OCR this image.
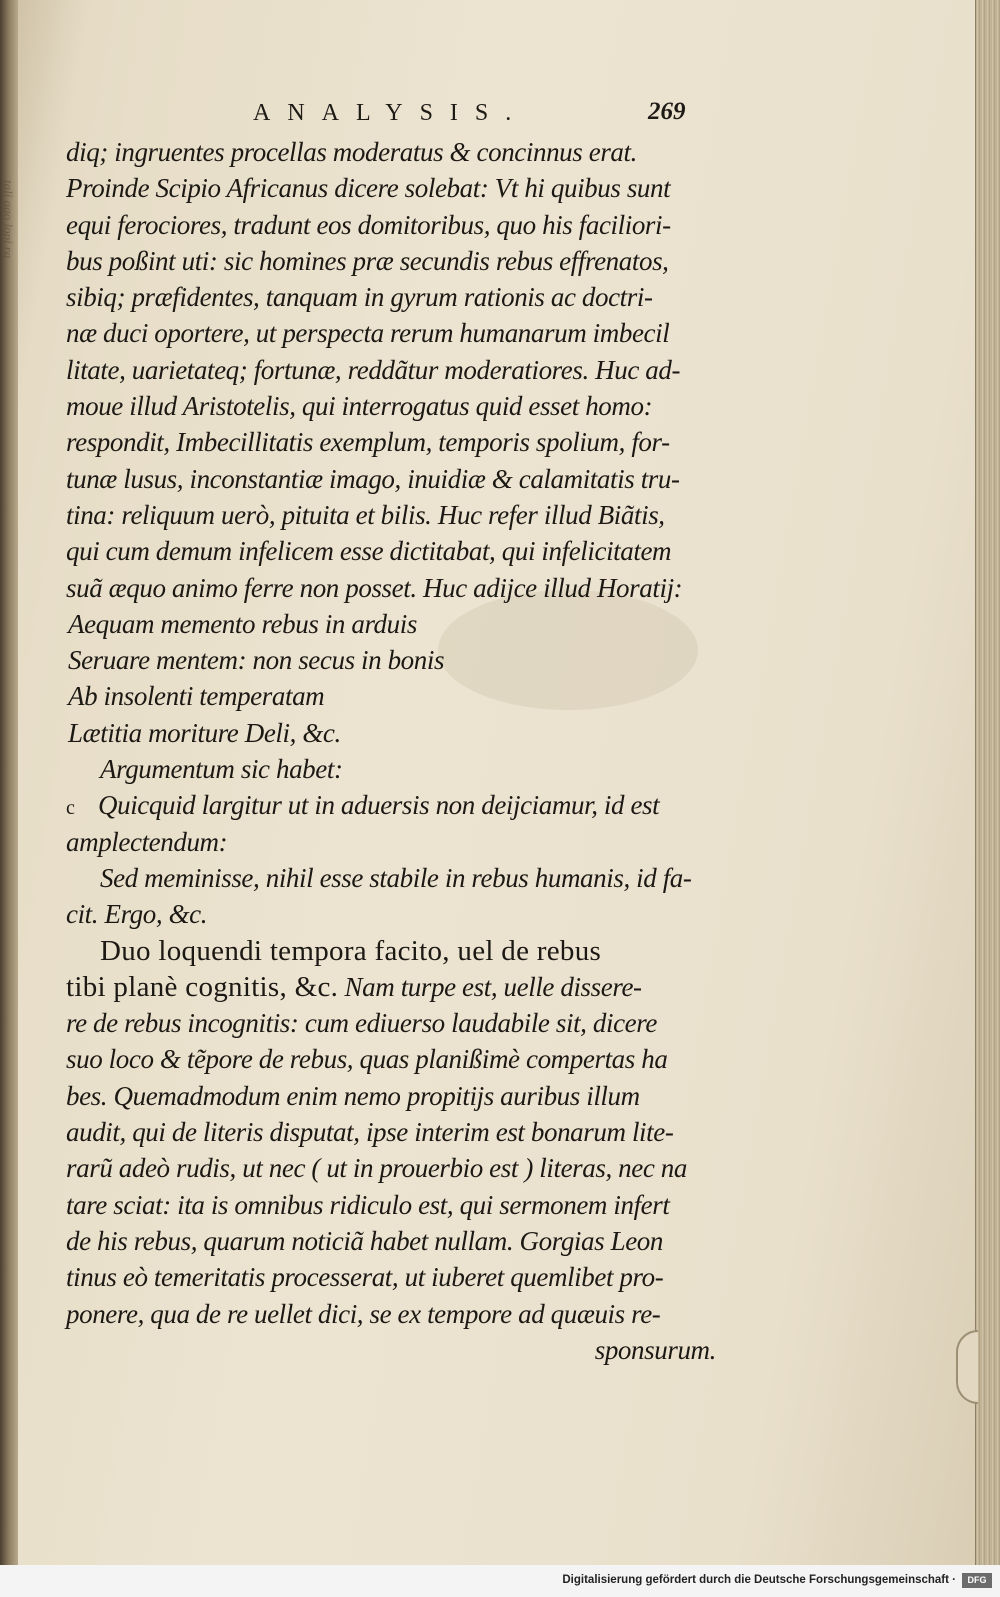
tali ago lopi ra
ANALYSIS.	269
diq; ingruentes procellas moderatus & concinnus erat.
Proinde Scipio Africanus dicere solebat: Vt hi quibus sunt
equi ferociores, tradunt eos domitoribus, quo his faciliori-
bus poßint uti: sic homines præ secundis rebus effrenatos,
sibiq; præfidentes, tanquam in gyrum rationis ac doctri-
næ duci oportere, ut perspecta rerum humanarum imbecil
litate, uarietateq; fortunæ, reddãtur moderatiores. Huc ad-
moue illud Aristotelis, qui interrogatus quid esset homo:
respondit, Imbecillitatis exemplum, temporis spolium, for-
tunæ lusus, inconstantiæ imago, inuidiæ & calamitatis tru-
tina: reliquum uerò, pituita et bilis. Huc refer illud Biãtis,
qui cum demum infelicem esse dictitabat, qui infelicitatem
suã æquo animo ferre non posset. Huc adijce illud Horatij:
Aequam memento rebus in arduis
Seruare mentem: non secus in bonis
Ab insolenti temperatam
Lætitia moriture Deli, &c.
Argumentum sic habet:
c Quicquid largitur ut in aduersis non deijciamur, id est
amplectendum:
Sed meminisse, nihil esse stabile in rebus humanis, id fa-
cit. Ergo, &c.
Duo loquendi tempora facito, uel de rebus
tibi planè cognitis, &c. Nam turpe est, uelle dissere-
re de rebus incognitis: cum ediuerso laudabile sit, dicere
suo loco & tẽpore de rebus, quas planißimè compertas ha
bes. Quemadmodum enim nemo propitijs auribus illum
audit, qui de literis disputat, ipse interim est bonarum lite-
rarũ adeò rudis, ut nec ( ut in prouerbio est ) literas, nec na
tare sciat: ita is omnibus ridiculo est, qui sermonem infert
de his rebus, quarum noticiã habet nullam. Gorgias Leon
tinus eò temeritatis processerat, ut iuberet quemlibet pro-
ponere, qua de re uellet dici, se ex tempore ad quæuis re-
sponsurum.
Digitalisierung gefördert durch die Deutsche Forschungsgemeinschaft ·	DFG
